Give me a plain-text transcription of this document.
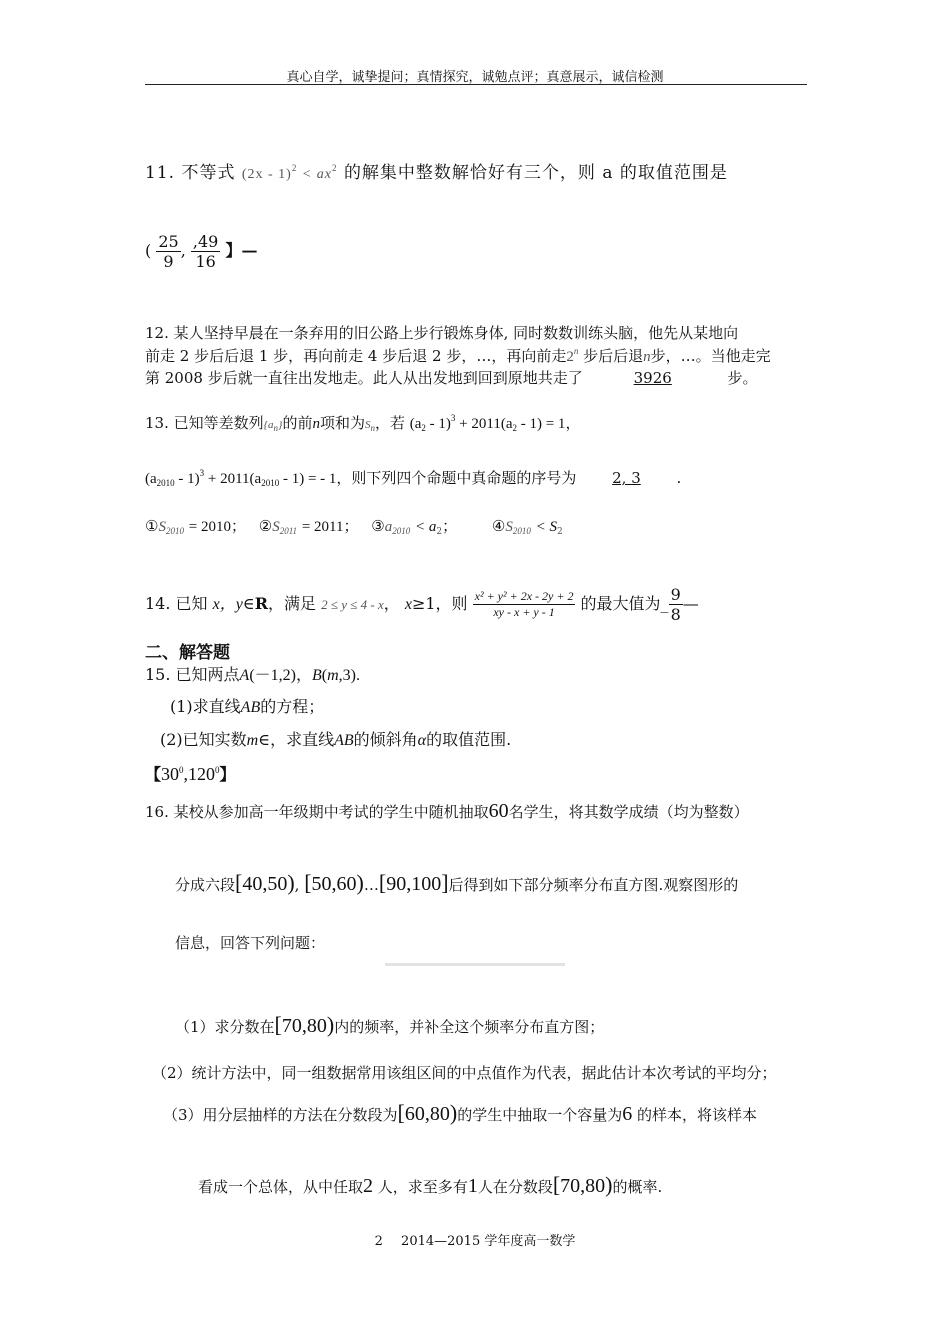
真心自学，诚挚提问；真情探究，诚勉点评；真意展示，诚信检测
11. 不等式 $(2x - 1)^2 < ax^2$ 的解集中整数解恰好有三个，则 a 的取值范围是
( $\frac{25}{9}$ , $\frac{,49}{16}$ 】—
12. 某人坚持早晨在一条弃用的旧公路上步行锻炼身体, 同时数数训练头脑，他先从某地向
前走 2 步后后退 1 步，再向前走 4 步后退 2 步，…，再向前走2$^n$ 步后后退n步，…。当他走完
第 2008 步后就一直往出发地走。此人从出发地到回到原地共走了	3926	步。
13. 已知等差数列$\{a_n\}$的前n项和为$S_n$，若 $(a_2 - 1)^3 + 2011(a_2 - 1) = 1$，
$(a_{2010} - 1)^3 + 2011(a_{2010} - 1)$ = - 1，则下列四个命题中真命题的序号为 2, 3 .
$①S_{2010} = 2010$； $②S_{2011} = 2011$； $③a_{2010} < a_2$； $④S_{2010} < S_2$
14. 已知 x，y∈R，满足 2 ≤ y ≤ 4 - x， x≥1，则 $\frac{\text{x² + y² + 2x - 2y + 2}}{xy - x + y - 1}$ 的最大值为_ $\frac{9}{8}$ —
二、解答题
15. 已知两点A(－1,2)，B(m,3).
(1)求直线AB的方程；
(2)已知实数m∈，求直线AB的倾斜角α的取值范围.
【$30^0,120^0$】
16. 某校从参加高一年级期中考试的学生中随机抽取60名学生，将其数学成绩（均为整数）
分成六段[40,50), [50,60)…[90,100]后得到如下部分频率分布直方图.观察图形的
信息，回答下列问题：
（1）求分数在[70,80)内的频率，并补全这个频率分布直方图；
（2）统计方法中，同一组数据常用该组区间的中点值作为代表，据此估计本次考试的平均分；
（3）用分层抽样的方法在分数段为[60,80)的学生中抽取一个容量为6 的样本，将该样本
看成一个总体，从中任取2 人，求至多有1人在分数段[70,80)的概率.
2 2014—2015 学年度高一数学
